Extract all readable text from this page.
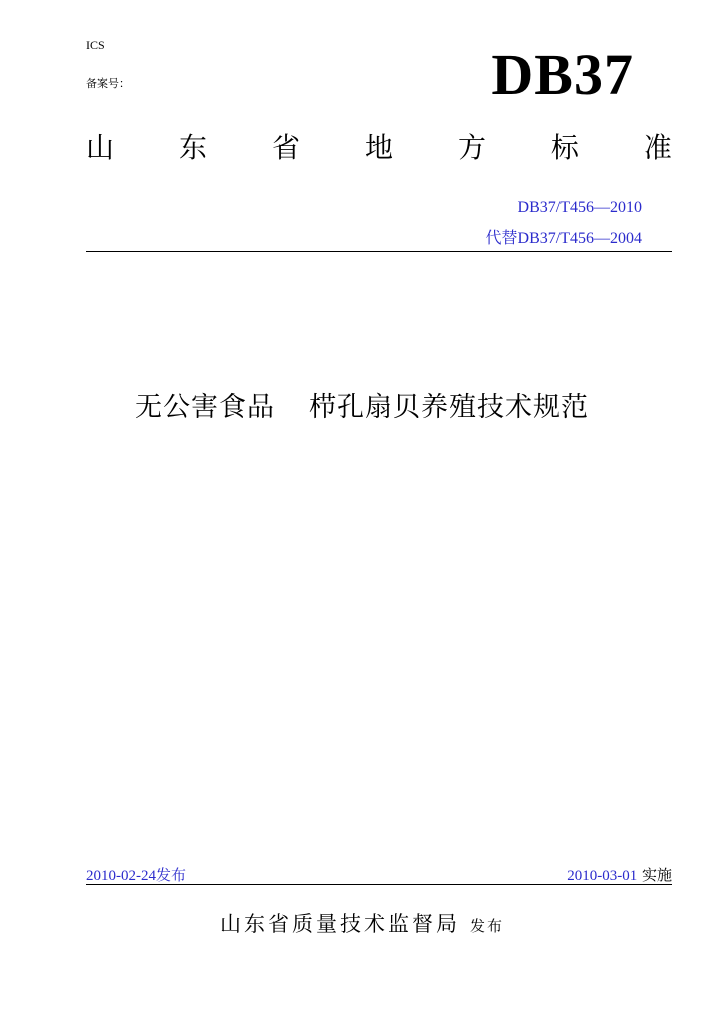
ICS
备案号：	DB37
山 东 省 地 方 标 准
DB37/T456—2010
代替DB37/T456—2004
无公害食品 栉孔扇贝养殖技术规范
2010-02-24发布	2010-03-01 实施
山东省质量技术监督局 发布
